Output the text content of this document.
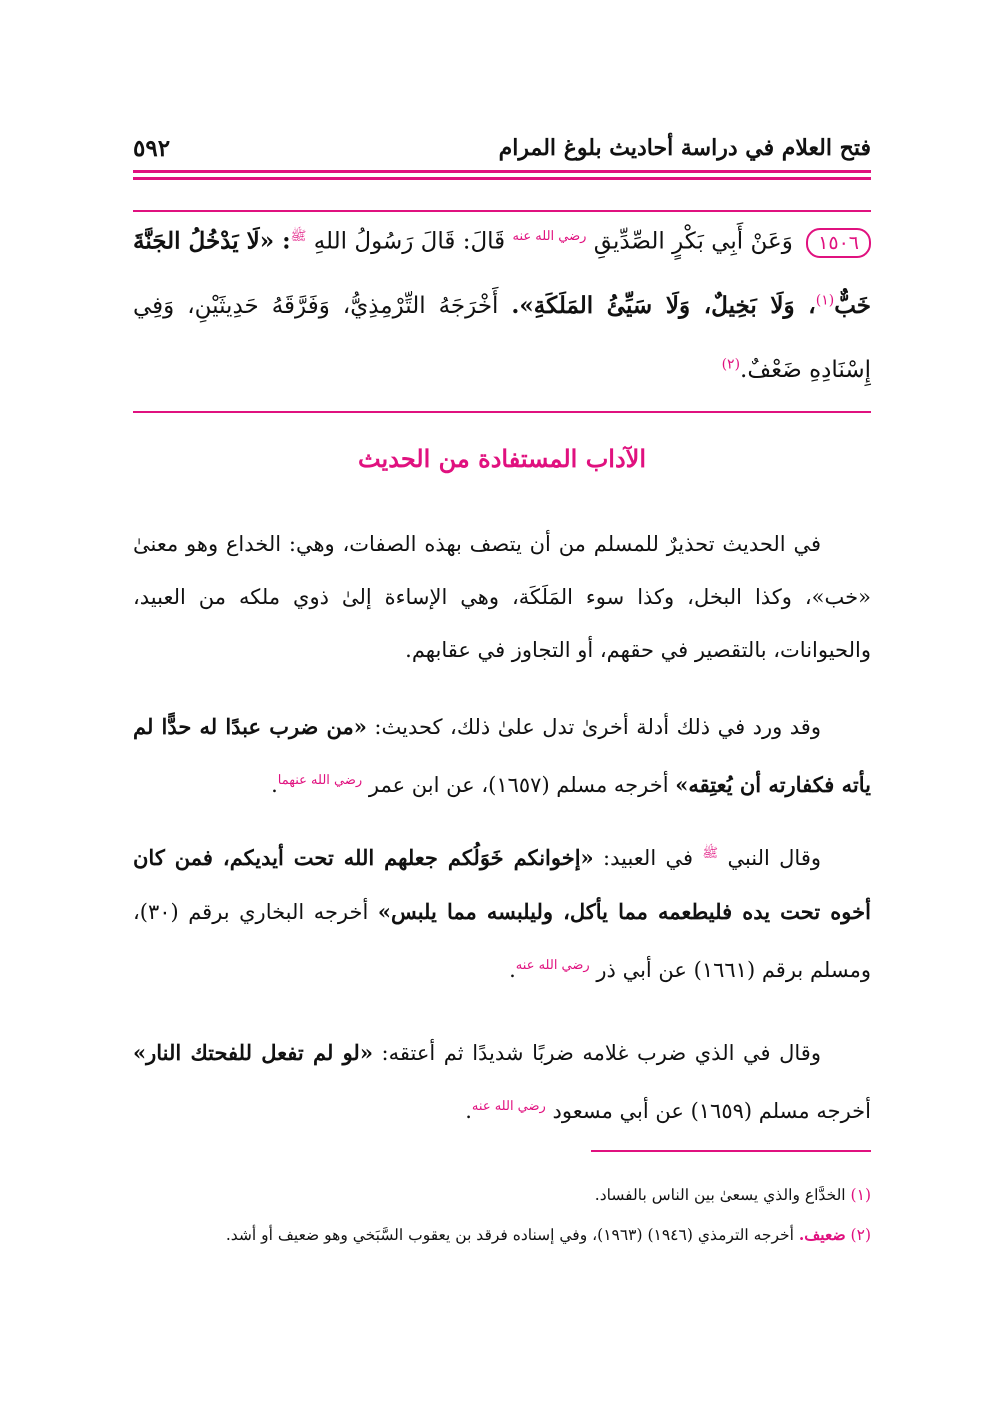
فتح العلام في دراسة أحاديث بلوغ المرام
٥٩٢
١٥٠٦ وَعَنْ أَبِي بَكْرٍ الصِّدِّيقِ $^{رضي الله عنه}$ قَالَ: قَالَ رَسُولُ اللهِ $^ﷺ$: «لَا يَدْخُلُ الجَنَّةَ خَبٌّ$^{(١)}$، وَلَا بَخِيلٌ، وَلَا سَيِّئُ المَلَكَةِ». أَخْرَجَهُ التِّرْمِذِيُّ، وَفَرَّقَهُ حَدِيثَيْنِ، وَفِي إِسْنَادِهِ ضَعْفٌ.$^{(٢)}$
الآداب المستفادة من الحديث
في الحديث تحذيرٌ للمسلم من أن يتصف بهذه الصفات، وهي: الخداع وهو معنىٰ «خب»، وكذا البخل، وكذا سوء المَلَكَة، وهي الإساءة إلىٰ ذوي ملكه من العبيد، والحيوانات، بالتقصير في حقهم، أو التجاوز في عقابهم.
وقد ورد في ذلك أدلة أخرىٰ تدل علىٰ ذلك، كحديث: «من ضرب عبدًا له حدًّا لم يأته فكفارته أن يُعتِقه» أخرجه مسلم (١٦٥٧)، عن ابن عمر $^{رضي الله عنهما}$.
وقال النبي $^ﷺ$ في العبيد: «إخوانكم خَوَلُكم جعلهم الله تحت أيديكم، فمن كان أخوه تحت يده فليطعمه مما يأكل، وليلبسه مما يلبس» أخرجه البخاري برقم (٣٠)، ومسلم برقم (١٦٦١) عن أبي ذر $^{رضي الله عنه}$.
وقال في الذي ضرب غلامه ضربًا شديدًا ثم أعتقه: «لو لم تفعل للفحتك النار» أخرجه مسلم (١٦٥٩) عن أبي مسعود $^{رضي الله عنه}$.
(١) الخدَّاع والذي يسعىٰ بين الناس بالفساد.
(٢) ضعيف. أخرجه الترمذي (١٩٤٦) (١٩٦٣)، وفي إسناده فرقد بن يعقوب السَّبَخي وهو ضعيف أو أشد.
